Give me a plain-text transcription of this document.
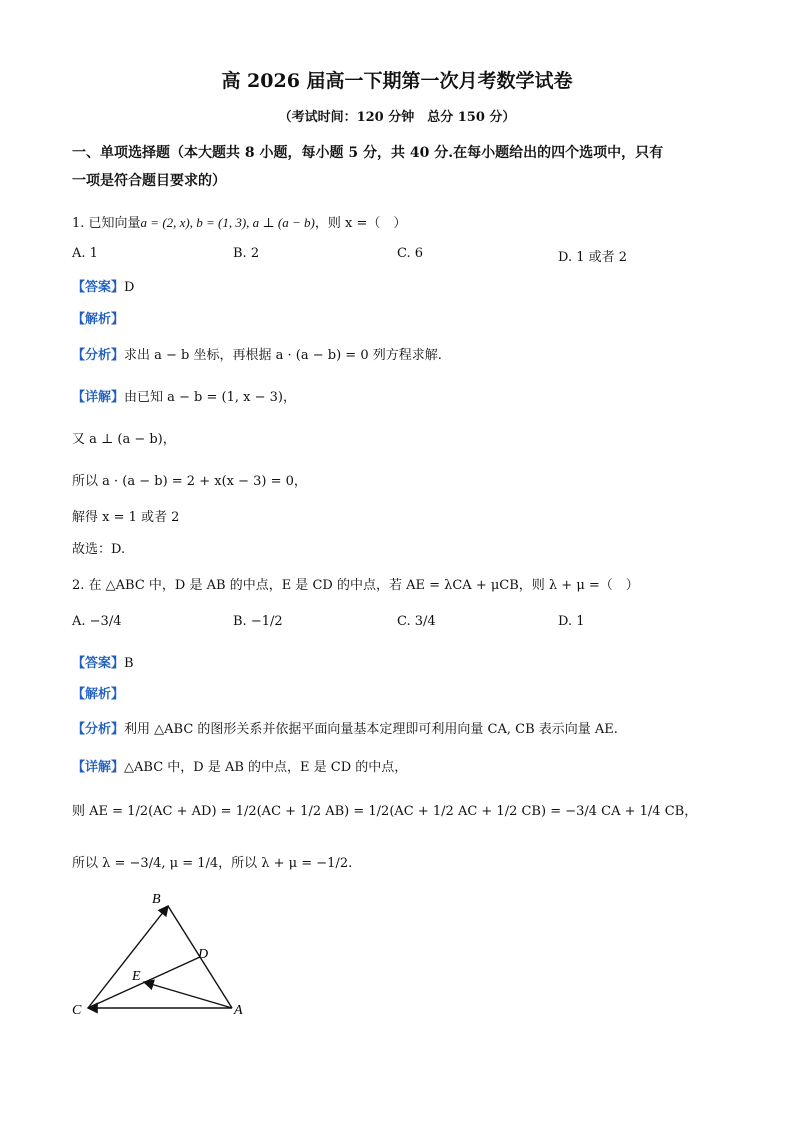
高 2026 届高一下期第一次月考数学试卷
（考试时间：120 分钟　总分 150 分）
一、单项选择题（本大题共 8 小题，每小题 5 分，共 40 分.在每小题给出的四个选项中，只有
一项是符合题目要求的）
1. 已知向量a = (2, x), b = (1, 3), a ⊥ (a − b)，则 x =（　）
A. 1	B. 2	C. 6	D. 1 或者 2
【答案】D
【解析】
【分析】求出 a − b 坐标，再根据 a · (a − b) = 0 列方程求解.
【详解】由已知 a − b = (1, x − 3)，
又 a ⊥ (a − b)，
所以 a · (a − b) = 2 + x(x − 3) = 0，
解得 x = 1 或者 2
故选：D.
2. 在 △ABC 中，D 是 AB 的中点，E 是 CD 的中点，若 AE = λCA + μCB，则 λ + μ =（　）
A. −3/4	B. −1/2	C. 3/4	D. 1
【答案】B
【解析】
【分析】利用 △ABC 的图形关系并依据平面向量基本定理即可利用向量 CA, CB 表示向量 AE.
【详解】△ABC 中，D 是 AB 的中点，E 是 CD 的中点，
则 AE = 1/2(AC + AD) = 1/2(AC + 1/2 AB) = 1/2(AC + 1/2 AC + 1/2 CB) = −3/4 CA + 1/4 CB，
所以 λ = −3/4, μ = 1/4，所以 λ + μ = −1/2.
B
C	A
D
E
